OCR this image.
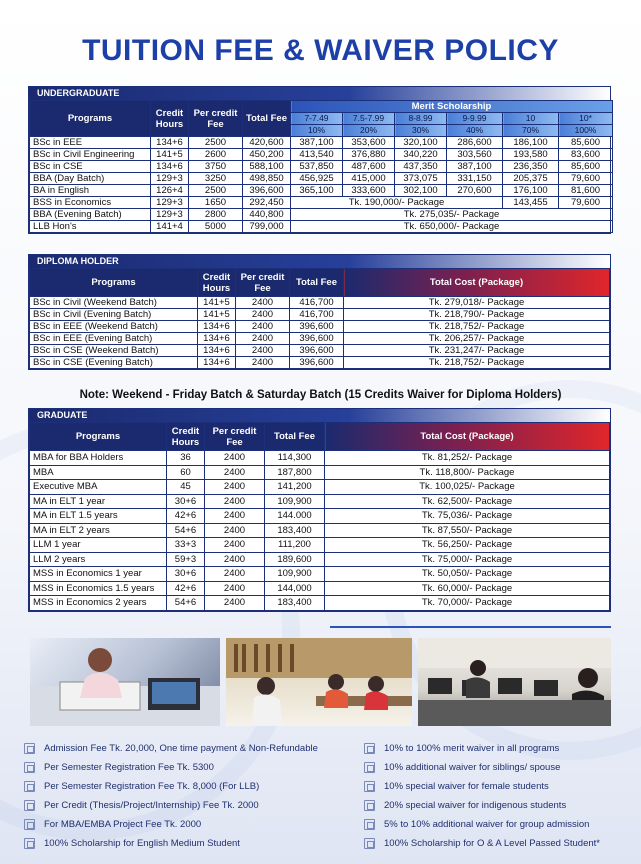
TUITION FEE & WAIVER POLICY
UNDERGRADUATE
Programs	Credit Hours	Per credit Fee	Total Fee	Merit Scholarship					
				7-7.49	7.5-7.99	8-8.99	9-9.99	10	10*
				10%	20%	30%	40%	70%	100%
BSc in EEE	134+6	2500	420,600	387,100	353,600	320,100	286,600	186,100	85,600
BSc in Civil Engineering	141+5	2600	450,200	413,540	376,880	340,220	303,560	193,580	83,600
BSc in CSE	134+6	3750	588,100	537,850	487,600	437,350	387,100	236,350	85,600
BBA (Day Batch)	129+3	3250	498,850	456,925	415,000	373,075	331,150	205,375	79,600
BA in English	126+4	2500	396,600	365,100	333,600	302,100	270,600	176,100	81,600
BSS in Economics	129+3	1650	292,450	Tk. 190,000/- Package				143,455	79,600
BBA (Evening Batch)	129+3	2800	440,800	Tk. 275,035/- Package					
LLB Hon's	141+4	5000	799,000	Tk. 650,000/- Package					
DIPLOMA HOLDER
Programs	Credit Hours	Per credit Fee	Total Fee	Total Cost (Package)
BSc in Civil (Weekend Batch)	141+5	2400	416,700	Tk. 279,018/- Package
BSc in Civil (Evening Batch)	141+5	2400	416,700	Tk. 218,790/- Package
BSc in EEE (Weekend Batch)	134+6	2400	396,600	Tk. 218,752/- Package
BSc in EEE (Evening Batch)	134+6	2400	396,600	Tk. 206,257/- Package
BSc in CSE (Weekend Batch)	134+6	2400	396,600	Tk. 231,247/- Package
BSc in CSE (Evening Batch)	134+6	2400	396,600	Tk. 218,752/- Package
Note: Weekend - Friday Batch & Saturday Batch (15 Credits Waiver for Diploma Holders)
GRADUATE
Programs	Credit Hours	Per credit Fee	Total Fee	Total Cost (Package)
MBA for BBA Holders	36	2400	114,300	Tk. 81,252/- Package
MBA	60	2400	187,800	Tk. 118,800/- Package
Executive MBA	45	2400	141,200	Tk. 100,025/- Package
MA in ELT 1 year	30+6	2400	109,900	Tk. 62,500/- Package
MA in ELT 1.5 years	42+6	2400	144.000	Tk. 75,036/- Package
MA in ELT 2 years	54+6	2400	183,400	Tk. 87,550/- Package
LLM 1 year	33+3	2400	111,200	Tk. 56,250/- Package
LLM 2 years	59+3	2400	189,600	Tk. 75,000/- Package
MSS in Economics 1 year	30+6	2400	109,900	Tk. 50,050/- Package
MSS in Economics 1.5 years	42+6	2400	144,000	Tk. 60,000/- Package
MSS in Economics 2 years	54+6	2400	183,400	Tk. 70,000/- Package
Admission Fee Tk. 20,000, One time payment & Non-Refundable
Per Semester Registration Fee Tk. 5300
Per Semester Registration Fee Tk. 8,000 (For LLB)
Per Credit (Thesis/Project/Internship) Fee Tk. 2000
For MBA/EMBA Project Fee Tk. 2000
100% Scholarship for English Medium Student
10% to 100% merit waiver in all programs
10% additional waiver for siblings/ spouse
10% special waiver for female students
20% special waiver for indigenous students
5% to 10% additional waiver for group admission
100% Scholarship for O & A Level Passed Student*
